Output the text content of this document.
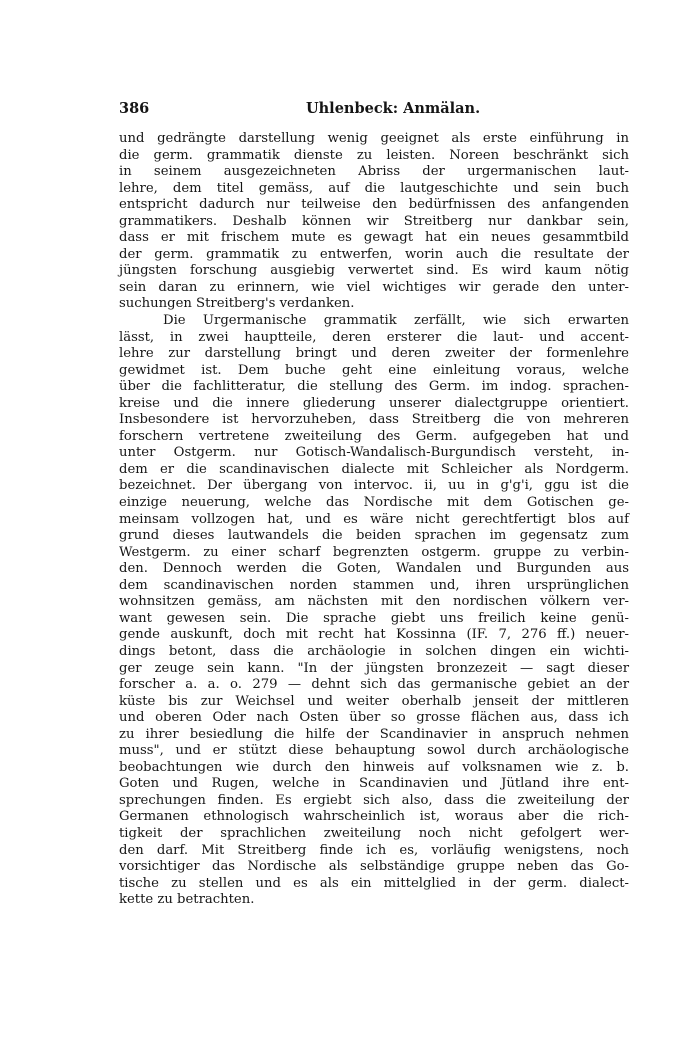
386	Uhlenbeck: Anmälan.
und gedrängte darstellung wenig geeignet als erste einführung in
die germ. grammatik dienste zu leisten. Noreen beschränkt sich
in seinem ausgezeichneten Abriss der urgermanischen laut-
lehre, dem titel gemäss, auf die lautgeschichte und sein buch
entspricht dadurch nur teilweise den bedürfnissen des anfangenden
grammatikers. Deshalb können wir Streitberg nur dankbar sein,
dass er mit frischem mute es gewagt hat ein neues gesammtbild
der germ. grammatik zu entwerfen, worin auch die resultate der
jüngsten forschung ausgiebig verwertet sind. Es wird kaum nötig
sein daran zu erinnern, wie viel wichtiges wir gerade den unter-
suchungen Streitberg's verdanken.
Die Urgermanische grammatik zerfällt, wie sich erwarten
lässt, in zwei hauptteile, deren ersterer die laut- und accent-
lehre zur darstellung bringt und deren zweiter der formenlehre
gewidmet ist. Dem buche geht eine einleitung voraus, welche
über die fachlitteratur, die stellung des Germ. im indog. sprachen-
kreise und die innere gliederung unserer dialectgruppe orientiert.
Insbesondere ist hervorzuheben, dass Streitberg die von mehreren
forschern vertretene zweiteilung des Germ. aufgegeben hat und
unter Ostgerm. nur Gotisch-Wandalisch-Burgundisch versteht, in-
dem er die scandinavischen dialecte mit Schleicher als Nordgerm.
bezeichnet. Der übergang von intervoc. ii, uu in g'g'i, ggu ist die
einzige neuerung, welche das Nordische mit dem Gotischen ge-
meinsam vollzogen hat, und es wäre nicht gerechtfertigt blos auf
grund dieses lautwandels die beiden sprachen im gegensatz zum
Westgerm. zu einer scharf begrenzten ostgerm. gruppe zu verbin-
den. Dennoch werden die Goten, Wandalen und Burgunden aus
dem scandinavischen norden stammen und, ihren ursprünglichen
wohnsitzen gemäss, am nächsten mit den nordischen völkern ver-
want gewesen sein. Die sprache giebt uns freilich keine genü-
gende auskunft, doch mit recht hat Kossinna (IF. 7, 276 ff.) neuer-
dings betont, dass die archäologie in solchen dingen ein wichti-
ger zeuge sein kann. "In der jüngsten bronzezeit — sagt dieser
forscher a. a. o. 279 — dehnt sich das germanische gebiet an der
küste bis zur Weichsel und weiter oberhalb jenseit der mittleren
und oberen Oder nach Osten über so grosse flächen aus, dass ich
zu ihrer besiedlung die hilfe der Scandinavier in anspruch nehmen
muss", und er stützt diese behauptung sowol durch archäologische
beobachtungen wie durch den hinweis auf volksnamen wie z. b.
Goten und Rugen, welche in Scandinavien und Jütland ihre ent-
sprechungen finden. Es ergiebt sich also, dass die zweiteilung der
Germanen ethnologisch wahrscheinlich ist, woraus aber die rich-
tigkeit der sprachlichen zweiteilung noch nicht gefolgert wer-
den darf. Mit Streitberg finde ich es, vorläufig wenigstens, noch
vorsichtiger das Nordische als selbständige gruppe neben das Go-
tische zu stellen und es als ein mittelglied in der germ. dialect-
kette zu betrachten.
